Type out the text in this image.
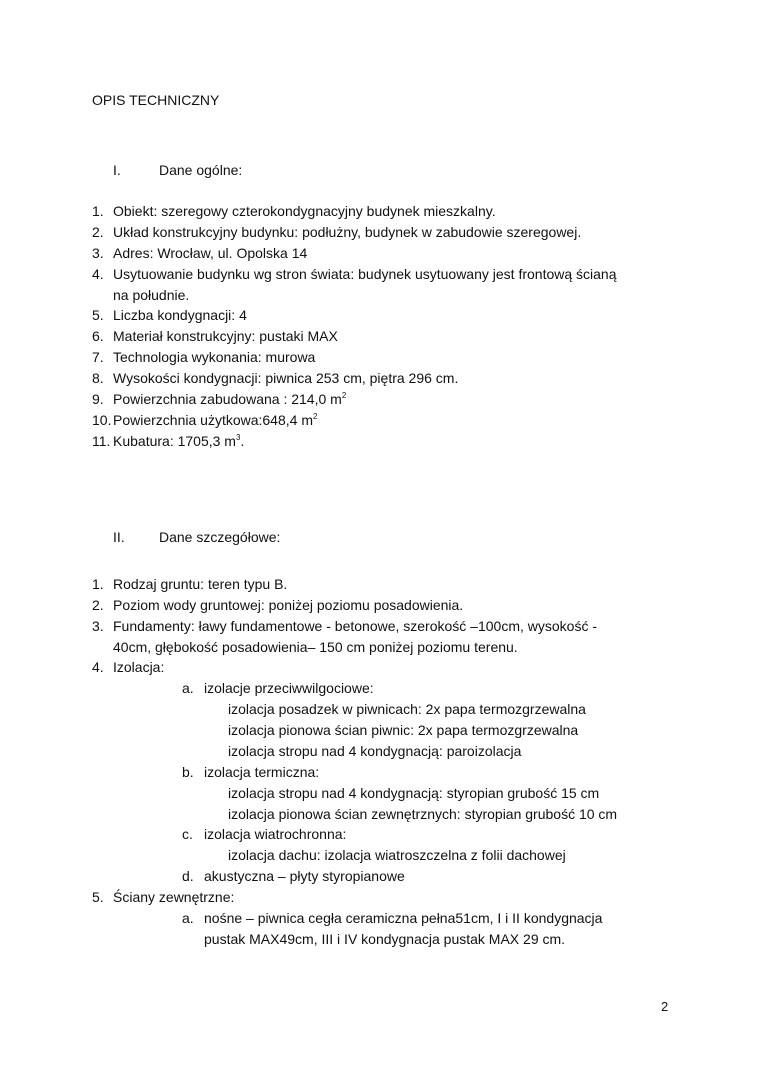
OPIS TECHNICZNY
I.	Dane ogólne:
1. Obiekt: szeregowy czterokondygnacyjny budynek mieszkalny.
2. Układ konstrukcyjny budynku: podłużny, budynek w zabudowie szeregowej.
3. Adres: Wrocław, ul. Opolska 14
4. Usytuowanie budynku wg stron świata: budynek usytuowany jest frontową ścianą
na południe.
5. Liczba kondygnacji: 4
6. Materiał konstrukcyjny: pustaki MAX
7. Technologia wykonania: murowa
8. Wysokości kondygnacji: piwnica 253 cm, piętra 296 cm.
9. Powierzchnia zabudowana : 214,0 $m^2$
10. Powierzchnia użytkowa:648,4 $m^2$
11. Kubatura: 1705,3 $m^3$.
II. Dane szczegółowe:
1. Rodzaj gruntu: teren typu B.
2. Poziom wody gruntowej: poniżej poziomu posadowienia.
3. Fundamenty: ławy fundamentowe - betonowe, szerokość –100cm, wysokość -
40cm, głębokość posadowienia– 150 cm poniżej poziomu terenu.
4. Izolacja:
a. izolacje przeciwwilgociowe:
izolacja posadzek w piwnicach: 2x papa termozgrzewalna
izolacja pionowa ścian piwnic: 2x papa termozgrzewalna
izolacja stropu nad 4 kondygnacją: paroizolacja
b. izolacja termiczna:
izolacja stropu nad 4 kondygnacją: styropian grubość 15 cm
izolacja pionowa ścian zewnętrznych: styropian grubość 10 cm
c. izolacja wiatrochronna:
izolacja dachu: izolacja wiatroszczelna z folii dachowej
d. akustyczna – płyty styropianowe
5. Ściany zewnętrzne:
a. nośne – piwnica cegła ceramiczna pełna51cm, I i II kondygnacja
pustak MAX49cm, III i IV kondygnacja pustak MAX 29 cm.
2
